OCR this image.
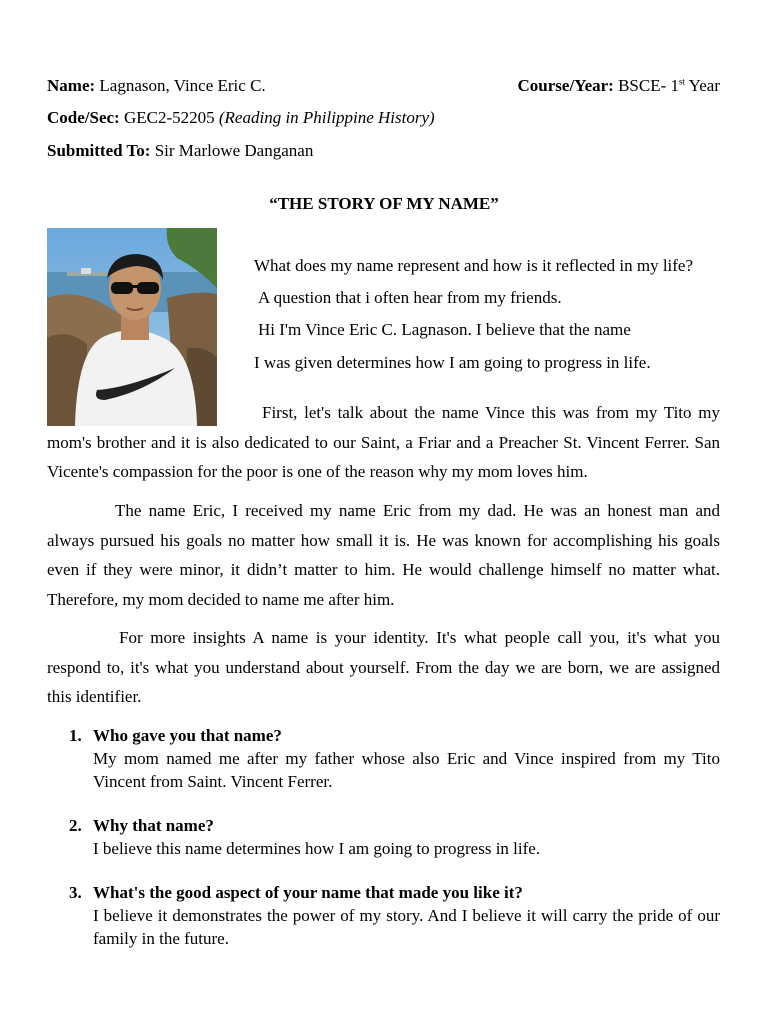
Name: Lagnason, Vince Eric C.	Course/Year: BSCE- 1st Year
Code/Sec: GEC2-52205 (Reading in Philippine History)
Submitted To: Sir Marlowe Danganan
“THE STORY OF MY NAME”
What does my name represent and how is it reflected in my life?
A question that i often hear from my friends.
Hi I'm Vince Eric C. Lagnason. I believe that the name
I was given determines how I am going to progress in life.
First, let's talk about the name Vince this was from my Tito my mom's brother and it is also dedicated to our Saint, a Friar and a Preacher St. Vincent Ferrer. San Vicente's compassion for the poor is one of the reason why my mom loves him.
The name Eric, I received my name Eric from my dad. He was an honest man and always pursued his goals no matter how small it is. He was known for accomplishing his goals even if they were minor, it didn’t matter to him. He would challenge himself no matter what. Therefore, my mom decided to name me after him.
For more insights A name is your identity. It's what people call you, it's what you respond to, it's what you understand about yourself. From the day we are born, we are assigned this identifier.
1. Who gave you that name?
My mom named me after my father whose also Eric and Vince inspired from my Tito Vincent from Saint. Vincent Ferrer.
2. Why that name?
I believe this name determines how I am going to progress in life.
3. What's the good aspect of your name that made you like it?
I believe it demonstrates the power of my story. And I believe it will carry the pride of our family in the future.
